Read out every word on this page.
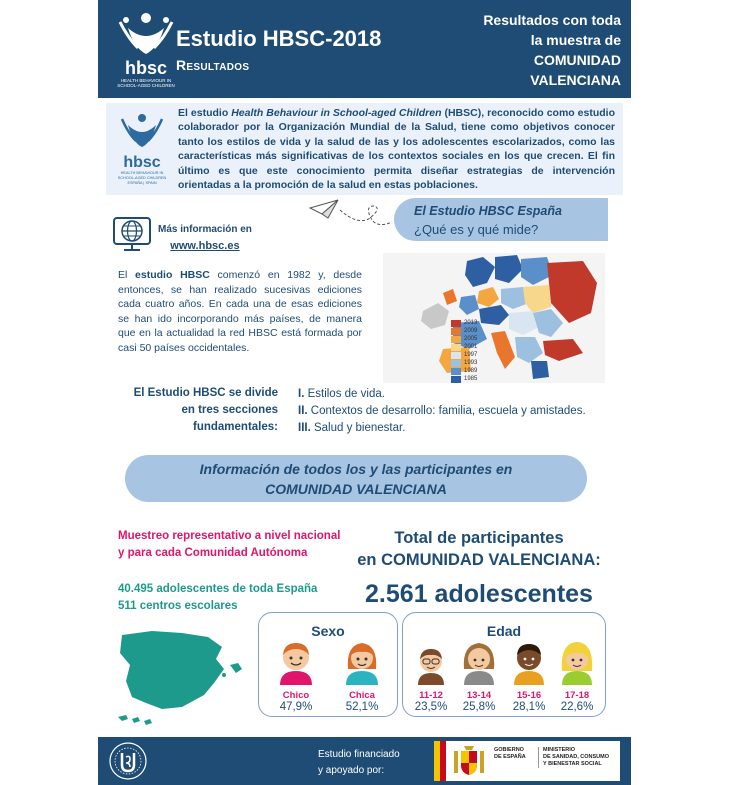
hbsc
HEALTH BEHAVIOUR IN
SCHOOL-AGED CHILDREN
Estudio HBSC-2018
Resultados
Resultados con toda
la muestra de
COMUNIDAD
VALENCIANA
hbsc
HEALTH BEHAVIOUR IN
SCHOOL-AGED CHILDREN
ESPAÑA | SPAIN
El estudio Health Behaviour in School-aged Children (HBSC), reconocido como estudio colaborador por la Organización Mundial de la Salud, tiene como objetivos conocer tanto los estilos de vida y la salud de las y los adolescentes escolarizados, como las características más significativas de los contextos sociales en los que crecen. El fin último es que este conocimiento permita diseñar estrategias de intervención orientadas a la promoción de la salud en estas poblaciones.
Más información en
www.hbsc.es
El Estudio HBSC España
¿Qué es y qué mide?
El estudio HBSC comenzó en 1982 y, desde entonces, se han realizado sucesivas ediciones cada cuatro años. En cada una de esas ediciones se han ido incorporando más países, de manera que en la actualidad la red HBSC está formada por casi 50 países occidentales.
2013
2009
2005
2001
1997
1993
1989
1985
El Estudio HBSC se divide
en tres secciones
fundamentales:
I. Estilos de vida.
II. Contextos de desarrollo: familia, escuela y amistades.
III. Salud y bienestar.
Información de todos los y las participantes en
COMUNIDAD VALENCIANA
Muestreo representativo a nivel nacional
y para cada Comunidad Autónoma
40.495 adolescentes de toda España
511 centros escolares
Total de participantes
en COMUNIDAD VALENCIANA:
2.561 adolescentes
Sexo
Chico
47,9%
Chica
52,1%
Edad
11-12
23,5%
13-14
25,8%
15-16
28,1%
17-18
22,6%
Estudio financiado
y apoyado por:
GOBIERNO
DE ESPAÑA
MINISTERIO
DE SANIDAD, CONSUMO
Y BIENESTAR SOCIAL
